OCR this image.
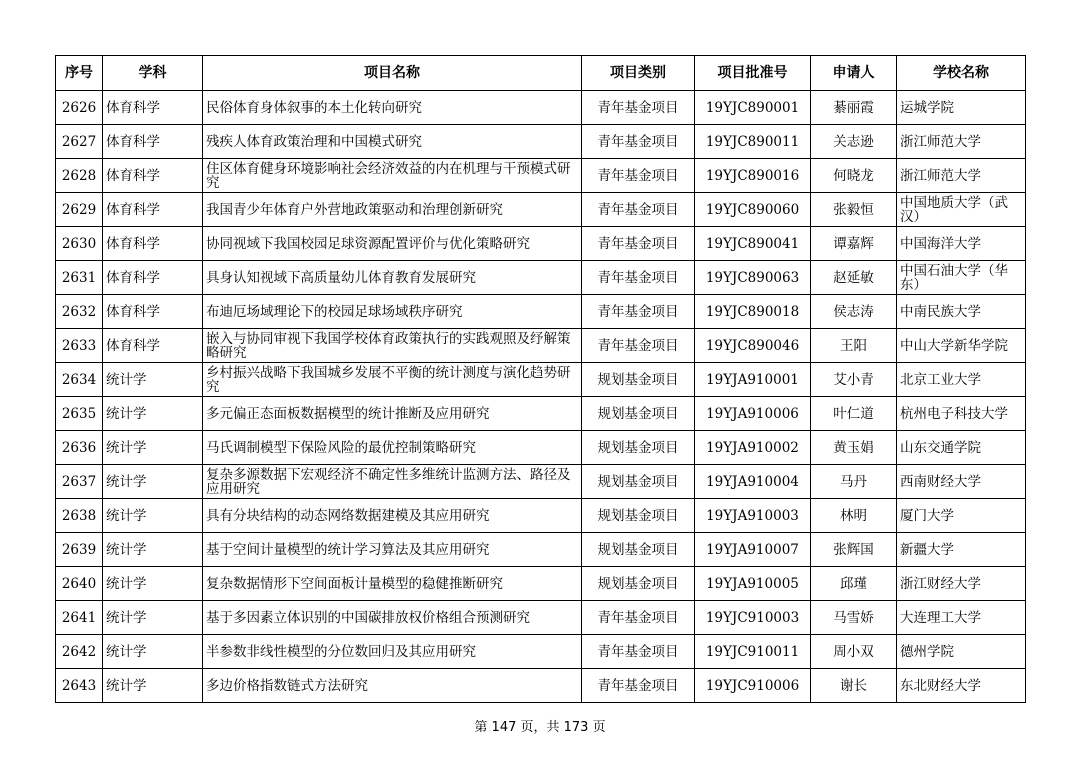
序号	学科	项目名称	项目类别	项目批准号	申请人	学校名称
2626	体育科学	民俗体育身体叙事的本土化转向研究	青年基金项目	19YJC890001	綦丽霞	运城学院
2627	体育科学	残疾人体育政策治理和中国模式研究	青年基金项目	19YJC890011	关志逊	浙江师范大学
2628	体育科学	住区体育健身环境影响社会经济效益的内在机理与干预模式研究	青年基金项目	19YJC890016	何晓龙	浙江师范大学
2629	体育科学	我国青少年体育户外营地政策驱动和治理创新研究	青年基金项目	19YJC890060	张毅恒	中国地质大学（武汉）
2630	体育科学	协同视域下我国校园足球资源配置评价与优化策略研究	青年基金项目	19YJC890041	谭嘉辉	中国海洋大学
2631	体育科学	具身认知视域下高质量幼儿体育教育发展研究	青年基金项目	19YJC890063	赵延敏	中国石油大学（华东）
2632	体育科学	布迪厄场域理论下的校园足球场域秩序研究	青年基金项目	19YJC890018	侯志涛	中南民族大学
2633	体育科学	嵌入与协同审视下我国学校体育政策执行的实践观照及纾解策略研究	青年基金项目	19YJC890046	王阳	中山大学新华学院
2634	统计学	乡村振兴战略下我国城乡发展不平衡的统计测度与演化趋势研究	规划基金项目	19YJA910001	艾小青	北京工业大学
2635	统计学	多元偏正态面板数据模型的统计推断及应用研究	规划基金项目	19YJA910006	叶仁道	杭州电子科技大学
2636	统计学	马氏调制模型下保险风险的最优控制策略研究	规划基金项目	19YJA910002	黄玉娟	山东交通学院
2637	统计学	复杂多源数据下宏观经济不确定性多维统计监测方法、路径及应用研究	规划基金项目	19YJA910004	马丹	西南财经大学
2638	统计学	具有分块结构的动态网络数据建模及其应用研究	规划基金项目	19YJA910003	林明	厦门大学
2639	统计学	基于空间计量模型的统计学习算法及其应用研究	规划基金项目	19YJA910007	张辉国	新疆大学
2640	统计学	复杂数据情形下空间面板计量模型的稳健推断研究	规划基金项目	19YJA910005	邱瑾	浙江财经大学
2641	统计学	基于多因素立体识别的中国碳排放权价格组合预测研究	青年基金项目	19YJC910003	马雪娇	大连理工大学
2642	统计学	半参数非线性模型的分位数回归及其应用研究	青年基金项目	19YJC910011	周小双	德州学院
2643	统计学	多边价格指数链式方法研究	青年基金项目	19YJC910006	谢长	东北财经大学
第 147 页，共 173 页
